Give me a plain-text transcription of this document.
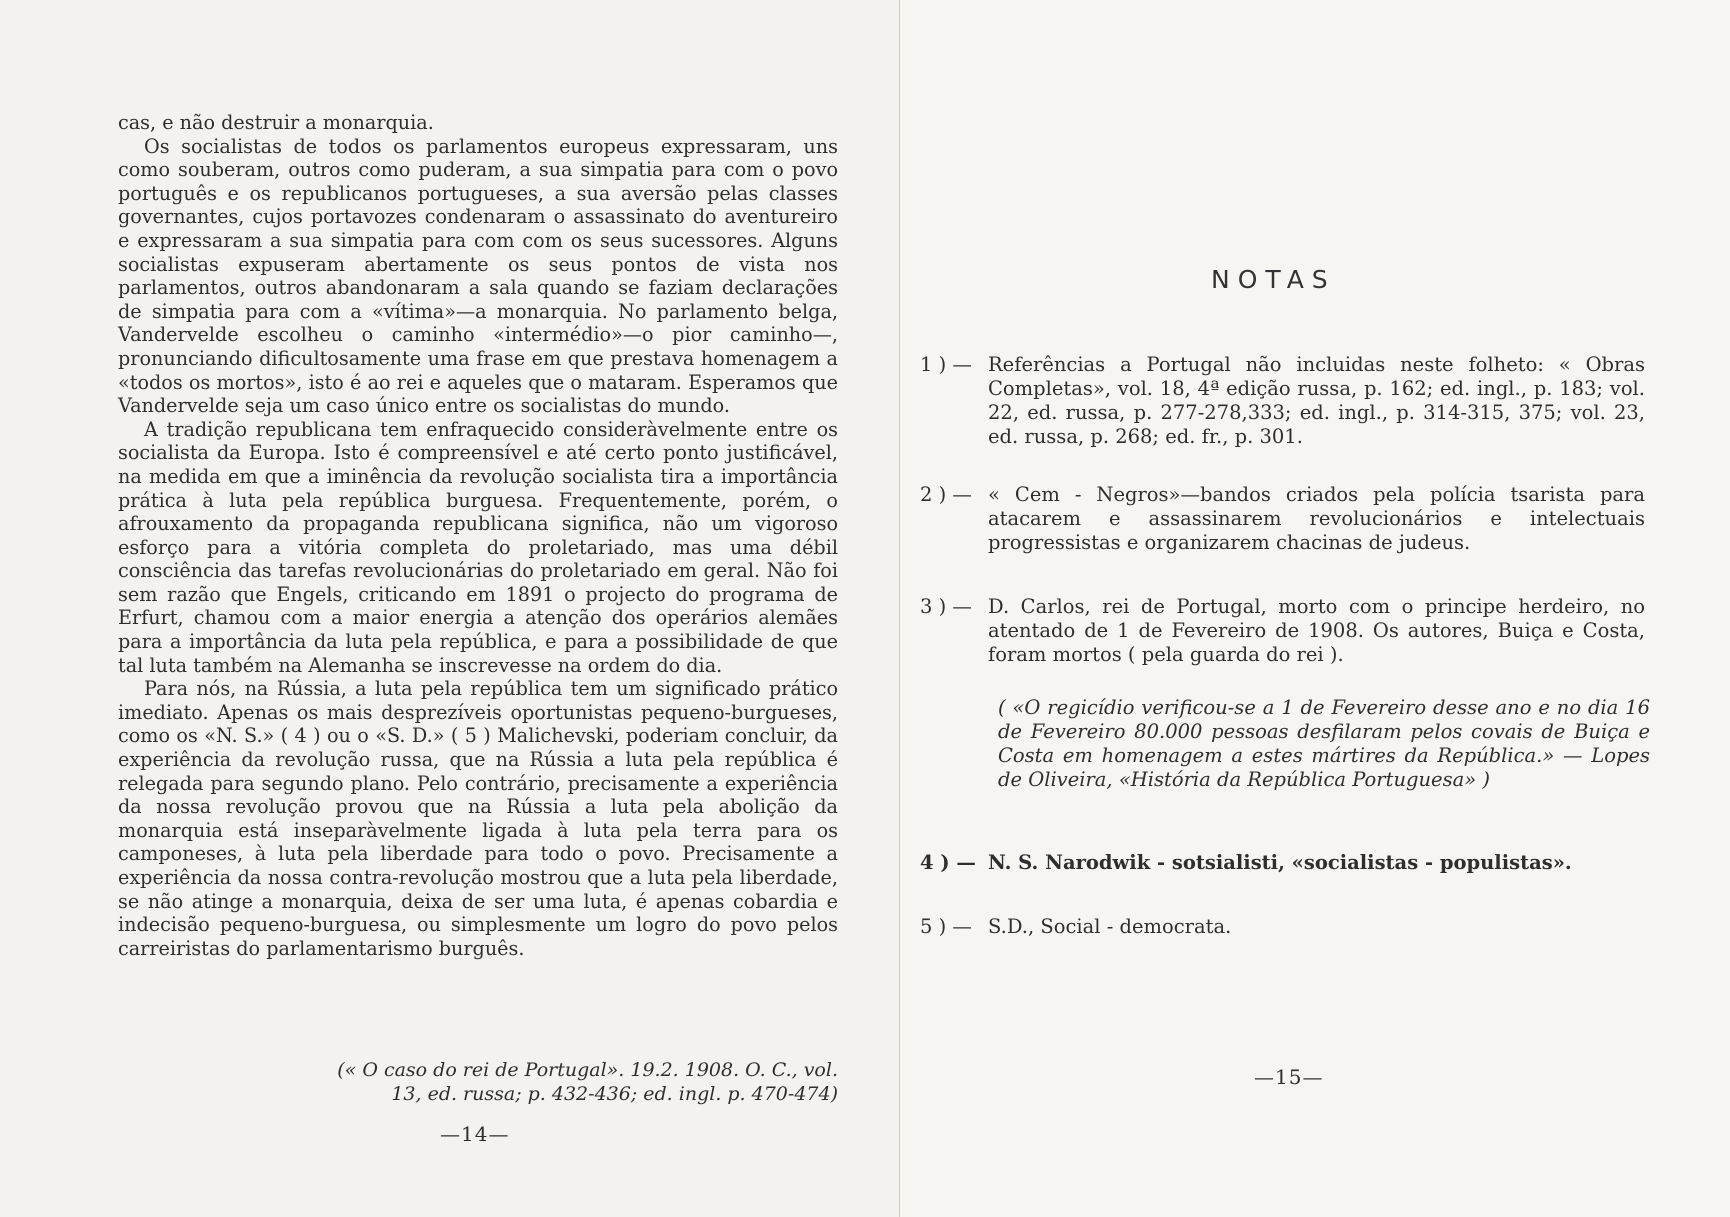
cas, e não destruir a monarquia.

Os socialistas de todos os parlamentos europeus expressaram, uns como souberam, outros como puderam, a sua simpatia para com o povo português e os republicanos portugueses, a sua aversão pelas classes governantes, cujos portavozes condenaram o assassinato do aventureiro e expressaram a sua simpatia para com com os seus sucessores. Alguns socialistas expuseram abertamente os seus pontos de vista nos parlamentos, outros abandonaram a sala quando se faziam declarações de simpatia para com a «vítima»—a monarquia. No parlamento belga, Vandervelde escolheu o caminho «intermédio»—o pior caminho—, pronunciando dificultosamente uma frase em que prestava homenagem a «todos os mortos», isto é ao rei e aqueles que o mataram. Esperamos que Vandervelde seja um caso único entre os socialistas do mundo.

A tradição republicana tem enfraquecido consideràvelmente entre os socialista da Europa. Isto é compreensível e até certo ponto justificável, na medida em que a iminência da revolução socialista tira a importância prática à luta pela república burguesa. Frequentemente, porém, o afrouxamento da propaganda republicana significa, não um vigoroso esforço para a vitória completa do proletariado, mas uma débil consciência das tarefas revolucionárias do proletariado em geral. Não foi sem razão que Engels, criticando em 1891 o projecto do programa de Erfurt, chamou com a maior energia a atenção dos operários alemães para a importância da luta pela república, e para a possibilidade de que tal luta também na Alemanha se inscrevesse na ordem do dia.

Para nós, na Rússia, a luta pela república tem um significado prático imediato. Apenas os mais desprezíveis oportunistas pequeno-burgueses, como os «N. S.» ( 4 ) ou o «S. D.» ( 5 ) Malichevski, poderiam concluir, da experiência da revolução russa, que na Rússia a luta pela república é relegada para segundo plano. Pelo contrário, precisamente a experiência da nossa revolução provou que na Rússia a luta pela abolição da monarquia está inseparàvelmente ligada à luta pela terra para os camponeses, à luta pela liberdade para todo o povo. Precisamente a experiência da nossa contra-revolução mostrou que a luta pela liberdade, se não atinge a monarquia, deixa de ser uma luta, é apenas cobardia e indecisão pequeno-burguesa, ou simplesmente um logro do povo pelos carreiristas do parlamentarismo burguês.

(« O caso do rei de Portugal». 19.2. 1908. O. C., vol.
13, ed. russa; p. 432-436; ed. ingl. p. 470-474)
—14—
NOTAS
1 ) — Referências a Portugal não incluidas neste folheto: « Obras Completas», vol. 18, 4ª edição russa, p. 162; ed. ingl., p. 183; vol. 22, ed. russa, p. 277-278,333; ed. ingl., p. 314-315, 375; vol. 23, ed. russa, p. 268; ed. fr., p. 301.
2 ) — « Cem - Negros»—bandos criados pela polícia tsarista para atacarem e assassinarem revolucionários e intelectuais progressistas e organizarem chacinas de judeus.
3 ) — D. Carlos, rei de Portugal, morto com o principe herdeiro, no atentado de 1 de Fevereiro de 1908. Os autores, Buiça e Costa, foram mortos ( pela guarda do rei ).
( «O regicídio verificou-se a 1 de Fevereiro desse ano e no dia 16 de Fevereiro 80.000 pessoas desfilaram pelos covais de Buiça e Costa em homenagem a estes mártires da República.» — Lopes de Oliveira, «História da República Portuguesa» )
4 ) — N. S. Narodwik - sotsialisti, «socialistas - populistas».
5 ) — S.D., Social - democrata.
—15—
